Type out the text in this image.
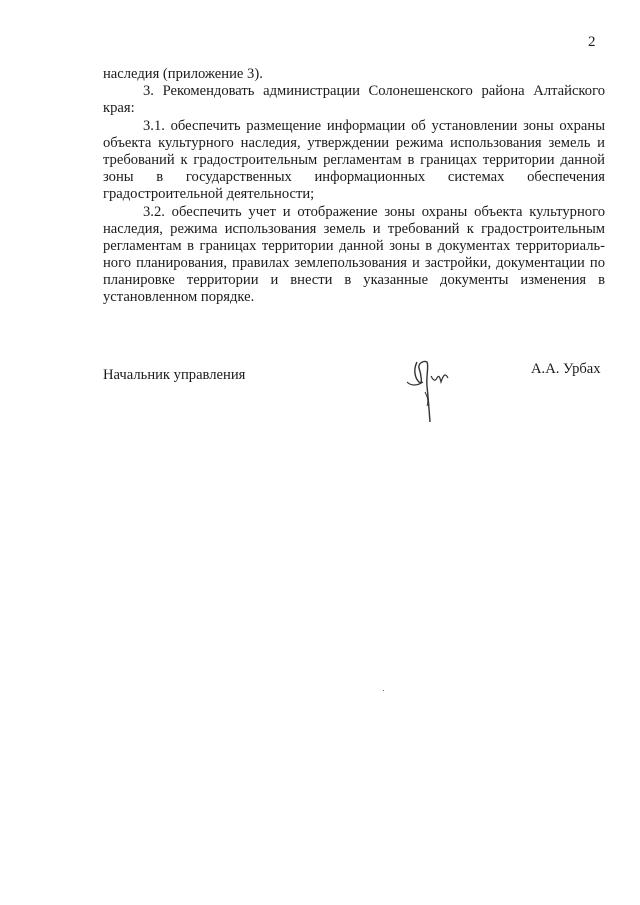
2
наследия (приложение 3).
3. Рекомендовать администрации Солонешенского района Алтайского
края:
3.1. обеспечить размещение информации об установлении зоны охраны
объекта культурного наследия, утверждении режима использования земель и
требований к градостроительным регламентам в границах территории данной
зоны в государственных информационных системах обеспечения
градостроительной деятельности;
3.2. обеспечить учет и отображение зоны охраны объекта культурного
наследия, режима использования земель и требований к градостроительным
регламентам в границах территории данной зоны в документах территориаль-
ного планирования, правилах землепользования и застройки, документации по
планировке территории и внести в указанные документы изменения в
установленном порядке.
Начальник управления	А.А. Урбах
